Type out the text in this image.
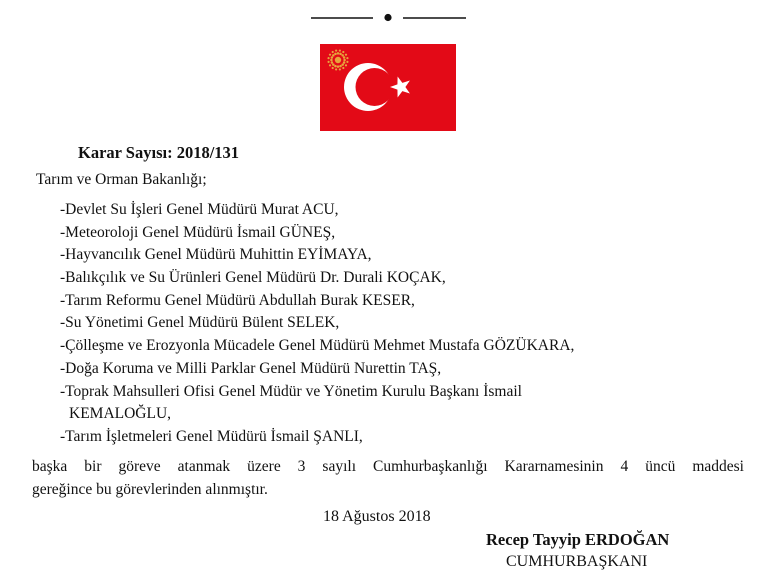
Karar Sayısı: 2018/131
Tarım ve Orman Bakanlığı;
-Devlet Su İşleri Genel Müdürü Murat ACU,
-Meteoroloji Genel Müdürü İsmail GÜNEŞ,
-Hayvancılık Genel Müdürü Muhittin EYİMAYA,
-Balıkçılık ve Su Ürünleri Genel Müdürü Dr. Durali KOÇAK,
-Tarım Reformu Genel Müdürü Abdullah Burak KESER,
-Su Yönetimi Genel Müdürü Bülent SELEK,
-Çölleşme ve Erozyonla Mücadele Genel Müdürü Mehmet Mustafa GÖZÜKARA,
-Doğa Koruma ve Milli Parklar Genel Müdürü Nurettin TAŞ,
-Toprak Mahsulleri Ofisi Genel Müdür ve Yönetim Kurulu Başkanı İsmail
KEMALOĞLU,
-Tarım İşletmeleri Genel Müdürü İsmail ŞANLI,
başka bir göreve atanmak üzere 3 sayılı Cumhurbaşkanlığı Kararnamesinin 4 üncü maddesi
gereğince bu görevlerinden alınmıştır.
18 Ağustos 2018
Recep Tayyip ERDOĞAN
CUMHURBAŞKANI
